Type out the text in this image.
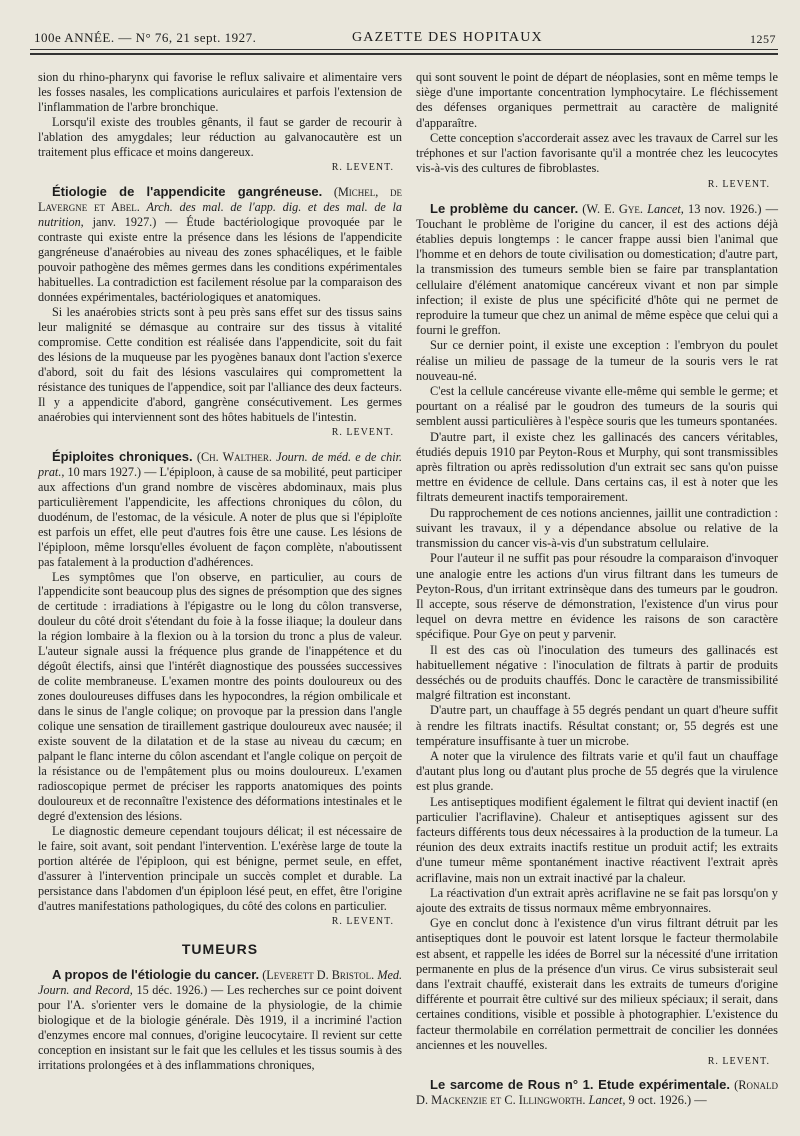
100e ANNÉE. — N° 76, 21 sept. 1927.	GAZETTE DES HOPITAUX	1257

sion du rhino-pharynx qui favorise le reflux salivaire et alimentaire vers les fosses nasales, les complications auriculaires et parfois l'extension de l'inflammation de l'arbre bronchique.

Lorsqu'il existe des troubles gênants, il faut se garder de recourir à l'ablation des amygdales; leur réduction au galvanocautère est un traitement plus efficace et moins dangereux.

R. LEVENT.

Étiologie de l'appendicite gangréneuse. (Michel, de Lavergne et Abel. Arch. des mal. de l'app. dig. et des mal. de la nutrition, janv. 1927.) — Étude bactériologique provoquée par le contraste qui existe entre la présence dans les lésions de l'appendicite gangréneuse d'anaérobies au niveau des zones sphacéliques, et le faible pouvoir pathogène des mêmes germes dans les conditions expérimentales habituelles. La contradiction est facilement résolue par la comparaison des données expérimentales, bactériologiques et anatomiques.

Si les anaérobies stricts sont à peu près sans effet sur des tissus sains leur malignité se démasque au contraire sur des tissus à vitalité compromise. Cette condition est réalisée dans l'appendicite, soit du fait des lésions de la muqueuse par les pyogènes banaux dont l'action s'exerce d'abord, soit du fait des lésions vasculaires qui compromettent la résistance des tuniques de l'appendice, soit par l'alliance des deux facteurs. Il y a appendicite d'abord, gangrène consécutivement. Les germes anaérobies qui interviennent sont des hôtes habituels de l'intestin.

R. LEVENT.

Épiploites chroniques. (Ch. Walther. Journ. de méd. e de chir. prat., 10 mars 1927.) — L'épiploon, à cause de sa mobilité, peut participer aux affections d'un grand nombre de viscères abdominaux, mais plus particulièrement l'appendicite, les affections chroniques du côlon, du duodénum, de l'estomac, de la vésicule. A noter de plus que si l'épiploïte est parfois un effet, elle peut d'autres fois être une cause. Les lésions de l'épiploon, même lorsqu'elles évoluent de façon complète, n'aboutissent pas fatalement à la production d'adhérences.

Les symptômes que l'on observe, en particulier, au cours de l'appendicite sont beaucoup plus des signes de présomption que des signes de certitude : irradiations à l'épigastre ou le long du côlon transverse, douleur du côté droit s'étendant du foie à la fosse iliaque; la douleur dans la région lombaire à la flexion ou à la torsion du tronc a plus de valeur. L'auteur signale aussi la fréquence plus grande de l'inappétence et du dégoût électifs, ainsi que l'intérêt diagnostique des poussées successives de colite membraneuse. L'examen montre des points douloureux ou des zones douloureuses diffuses dans les hypocondres, la région ombilicale et dans le sinus de l'angle colique; on provoque par la pression dans l'angle colique une sensation de tiraillement gastrique douloureux avec nausée; il existe souvent de la dilatation et de la stase au niveau du cæcum; en palpant le flanc interne du côlon ascendant et l'angle colique on perçoit de la résistance ou de l'empâtement plus ou moins douloureux. L'examen radioscopique permet de préciser les rapports anatomiques des points douloureux et de reconnaître l'existence des déformations intestinales et le degré d'extension des lésions.

Le diagnostic demeure cependant toujours délicat; il est nécessaire de le faire, soit avant, soit pendant l'intervention. L'exérèse large de toute la portion altérée de l'épiploon, qui est bénigne, permet seule, en effet, d'assurer à l'intervention principale un succès complet et durable. La persistance dans l'abdomen d'un épiploon lésé peut, en effet, être l'origine d'autres manifestations pathologiques, du côté des colons en particulier.

R. LEVENT.
TUMEURS

A propos de l'étiologie du cancer. (Leverett D. Bristol. Med. Journ. and Record, 15 déc. 1926.) — Les recherches sur ce point doivent pour l'A. s'orienter vers le domaine de la physiologie, de la chimie biologique et de la biologie générale. Dès 1919, il a incriminé l'action d'enzymes encore mal connues, d'origine leucocytaire. Il revient sur cette conception en insistant sur le fait que les cellules et les tissus soumis à des irritations prolongées et à des inflammations chroniques,

qui sont souvent le point de départ de néoplasies, sont en même temps le siège d'une importante concentration lymphocytaire. Le fléchissement des défenses organiques permettrait au caractère de malignité d'apparaître.

Cette conception s'accorderait assez avec les travaux de Carrel sur les tréphones et sur l'action favorisante qu'il a montrée chez les leucocytes vis-à-vis des cultures de fibroblastes.

R. LEVENT.

Le problème du cancer. (W. E. Gye. Lancet, 13 nov. 1926.) — Touchant le problème de l'origine du cancer, il est des actions déjà établies depuis longtemps : le cancer frappe aussi bien l'animal que l'homme et en dehors de toute civilisation ou domestication; d'autre part, la transmission des tumeurs semble bien se faire par transplantation cellulaire d'élément anatomique cancéreux vivant et non par simple infection; il existe de plus une spécificité d'hôte qui ne permet de reproduire la tumeur que chez un animal de même espèce que celui qui a fourni le greffon.

Sur ce dernier point, il existe une exception : l'embryon du poulet réalise un milieu de passage de la tumeur de la souris vers le rat nouveau-né.

C'est la cellule cancéreuse vivante elle-même qui semble le germe; et pourtant on a réalisé par le goudron des tumeurs de la souris qui semblent aussi particulières à l'espèce souris que les tumeurs spontanées.

D'autre part, il existe chez les gallinacés des cancers véritables, étudiés depuis 1910 par Peyton-Rous et Murphy, qui sont transmissibles après filtration ou après redissolution d'un extrait sec sans qu'on puisse mettre en évidence de cellule. Dans certains cas, il est à noter que les filtrats demeurent inactifs temporairement.

Du rapprochement de ces notions anciennes, jaillit une contradiction : suivant les travaux, il y a dépendance absolue ou relative de la transmission du cancer vis-à-vis d'un substratum cellulaire.

Pour l'auteur il ne suffit pas pour résoudre la comparaison d'invoquer une analogie entre les actions d'un virus filtrant dans les tumeurs de Peyton-Rous, d'un irritant extrinsèque dans des tumeurs par le goudron. Il accepte, sous réserve de démonstration, l'existence d'un virus pour lequel on devra mettre en évidence les raisons de son caractère spécifique. Pour Gye on peut y parvenir.

Il est des cas où l'inoculation des tumeurs des gallinacés est habituellement négative : l'inoculation de filtrats à partir de produits desséchés ou de produits chauffés. Donc le caractère de transmissibilité malgré filtration est inconstant.

D'autre part, un chauffage à 55 degrés pendant un quart d'heure suffit à rendre les filtrats inactifs. Résultat constant; or, 55 degrés est une température insuffisante à tuer un microbe.

A noter que la virulence des filtrats varie et qu'il faut un chauffage d'autant plus long ou d'autant plus proche de 55 degrés que la virulence est plus grande.

Les antiseptiques modifient également le filtrat qui devient inactif (en particulier l'acriflavine). Chaleur et antiseptiques agissent sur des facteurs différents tous deux nécessaires à la production de la tumeur. La réunion des deux extraits inactifs restitue un produit actif; les extraits d'une tumeur même spontanément inactive réactivent l'extrait après acriflavine, mais non un extrait inactivé par la chaleur.

La réactivation d'un extrait après acriflavine ne se fait pas lorsqu'on y ajoute des extraits de tissus normaux même embryonnaires.

Gye en conclut donc à l'existence d'un virus filtrant détruit par les antiseptiques dont le pouvoir est latent lorsque le facteur thermolabile est absent, et rappelle les idées de Borrel sur la nécessité d'une irritation permanente en plus de la présence d'un virus. Ce virus subsisterait seul dans l'extrait chauffé, existerait dans les extraits de tumeurs d'origine différente et pourrait être cultivé sur des milieux spéciaux; il serait, dans certaines conditions, visible et possible à photographier. L'existence du facteur thermolabile en corrélation permettrait de concilier les données anciennes et les nouvelles.

R. LEVENT.

Le sarcome de Rous n° 1. Etude expérimentale. (Ronald D. Mackenzie et C. Illingworth. Lancet, 9 oct. 1926.) —
